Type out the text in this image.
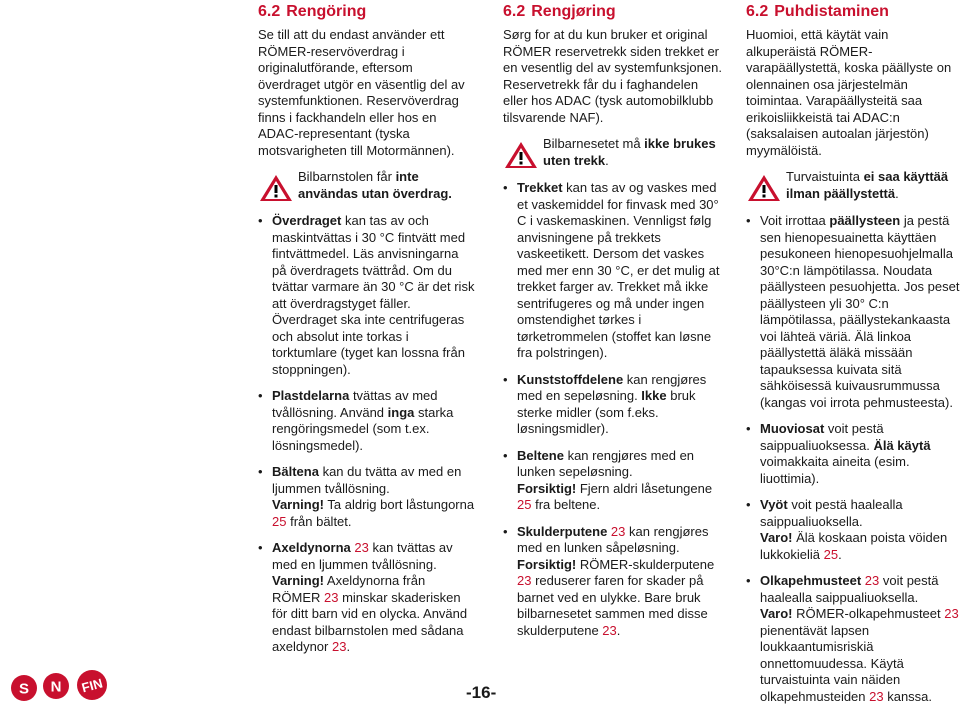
6.2 Rengöring
Se till att du endast använder ett RÖMER-reservöverdrag i originalutförande, eftersom överdraget utgör en väsentlig del av systemfunktionen. Reservöverdrag finns i fackhandeln eller hos en ADAC-representant (tyska motsvarigheten till Motormännen).
Bilbarnstolen får inte användas utan överdrag.
• Överdraget kan tas av och maskintvättas i 30 °C fintvätt med fintvättmedel. Läs anvisningarna på överdragets tvättråd. Om du tvättar varmare än 30 °C är det risk att överdragstyget fäller. Överdraget ska inte centrifugeras och absolut inte torkas i torktumlare (tyget kan lossna från stoppningen).
• Plastdelarna tvättas av med tvållösning. Använd inga starka rengöringsmedel (som t.ex. lösningsmedel).
• Bältena kan du tvätta av med en ljummen tvållösning.
Varning! Ta aldrig bort låstungorna 25 från bältet.
• Axeldynorna 23 kan tvättas av med en ljummen tvållösning.
Varning! Axeldynorna från RÖMER 23 minskar skaderisken för ditt barn vid en olycka. Använd endast bilbarnstolen med sådana axeldynor 23.
6.2 Rengjøring
Sørg for at du kun bruker et original RÖMER reservetrekk siden trekket er en vesentlig del av systemfunksjonen. Reservetrekk får du i faghandelen eller hos ADAC (tysk automobilklubb tilsvarende NAF).
Bilbarnesetet må ikke brukes uten trekk.
• Trekket kan tas av og vaskes med et vaskemiddel for finvask med 30° C i vaskemaskinen. Vennligst følg anvisningene på trekkets vaskeetikett. Dersom det vaskes med mer enn 30 °C, er det mulig at trekket farger av. Trekket må ikke sentrifugeres og må under ingen omstendighet tørkes i tørketrommelen (stoffet kan løsne fra polstringen).
• Kunststoffdelene kan rengjøres med en sepeløsning. Ikke bruk sterke midler (som f.eks. løsningsmidler).
• Beltene kan rengjøres med en lunken sepeløsning.
Forsiktig! Fjern aldri låsetungene 25 fra beltene.
• Skulderputene 23 kan rengjøres med en lunken såpeløsning.
Forsiktig! RÖMER-skulderputene 23 reduserer faren for skader på barnet ved en ulykke. Bare bruk bilbarnesetet sammen med disse skulderputene 23.
6.2 Puhdistaminen
Huomioi, että käytät vain alkuperäistä RÖMER-varapäällystettä, koska päällyste on olennainen osa järjestelmän toimintaa. Varapäällysteitä saa erikoisliikkeistä tai ADAC:n (saksalaisen autoalan järjestön) myymälöistä.
Turvaistuinta ei saa käyttää ilman päällystettä.
• Voit irrottaa päällysteen ja pestä sen hienopesuainetta käyttäen pesukoneen hienopesuohjelmalla 30°C:n lämpötilassa. Noudata päällysteen pesuohjetta. Jos peset päällysteen yli 30° C:n lämpötilassa, päällystekankaasta voi lähteä väriä. Älä linkoa päällystettä äläkä missään tapauksessa kuivata sitä sähköisessä kuivausrummussa (kangas voi irrota pehmusteesta).
• Muoviosat voit pestä saippualiuoksessa. Älä käytä voimakkaita aineita (esim. liuottimia).
• Vyöt voit pestä haalealla saippualiuoksella.
Varo! Älä koskaan poista vöiden lukkokieliä 25.
• Olkapehmusteet 23 voit pestä haalealla saippualiuoksella.
Varo! RÖMER-olkapehmusteet 23 pienentävät lapsen loukkaantumisriskiä onnettomuudessa. Käytä turvaistuinta vain näiden olkapehmusteiden 23 kanssa.
S N FIN	-16-
